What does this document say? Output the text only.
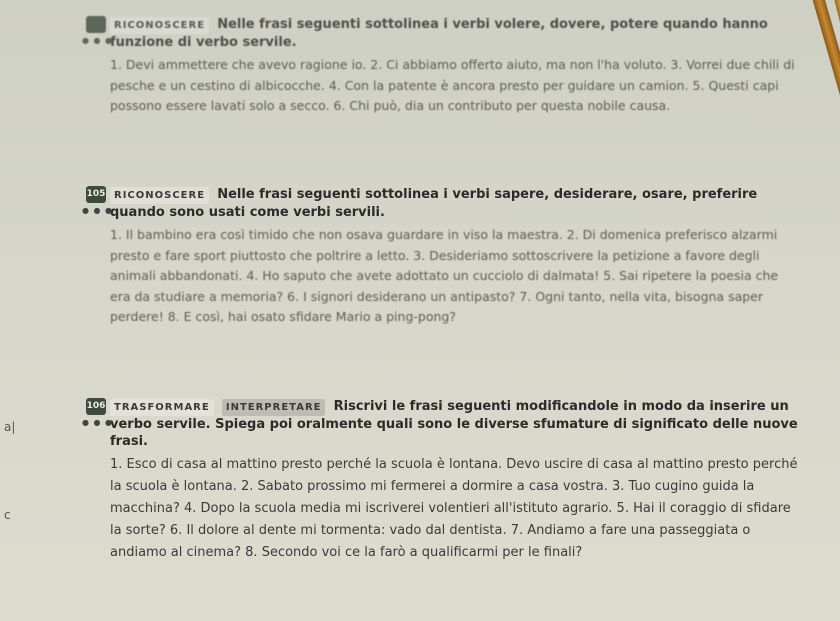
a|
c
● ● ●
RICONOSCERE Nelle frasi seguenti sottolinea i verbi volere, dovere, potere quando hanno funzione di verbo servile.
1. Devi ammettere che avevo ragione io. 2. Ci abbiamo offerto aiuto, ma non l'ha voluto. 3. Vorrei due chili di pesche e un cestino di albicocche. 4. Con la patente è ancora presto per guidare un camion. 5. Questi capi possono essere lavati solo a secco. 6. Chi può, dia un contributo per questa nobile causa.
105
● ● ●
RICONOSCERE Nelle frasi seguenti sottolinea i verbi sapere, desiderare, osare, preferire quando sono usati come verbi servili.
1. Il bambino era così timido che non osava guardare in viso la maestra. 2. Di domenica preferisco alzarmi presto e fare sport piuttosto che poltrire a letto. 3. Desideriamo sottoscrivere la petizione a favore degli animali abbandonati. 4. Ho saputo che avete adottato un cucciolo di dalmata! 5. Sai ripetere la poesia che era da studiare a memoria? 6. I signori desiderano un antipasto? 7. Ogni tanto, nella vita, bisogna saper perdere! 8. E così, hai osato sfidare Mario a ping-pong?
106
● ● ●
TRASFORMARE INTERPRETARE Riscrivi le frasi seguenti modificandole in modo da inserire un verbo servile. Spiega poi oralmente quali sono le diverse sfumature di significato delle nuove frasi.
1. Esco di casa al mattino presto perché la scuola è lontana. Devo uscire di casa al mattino presto perché la scuola è lontana. 2. Sabato prossimo mi fermerei a dormire a casa vostra. 3. Tuo cugino guida la macchina? 4. Dopo la scuola media mi iscriverei volentieri all'istituto agrario. 5. Hai il coraggio di sfidare la sorte? 6. Il dolore al dente mi tormenta: vado dal dentista. 7. Andiamo a fare una passeggiata o andiamo al cinema? 8. Secondo voi ce la farò a qualificarmi per le finali?
